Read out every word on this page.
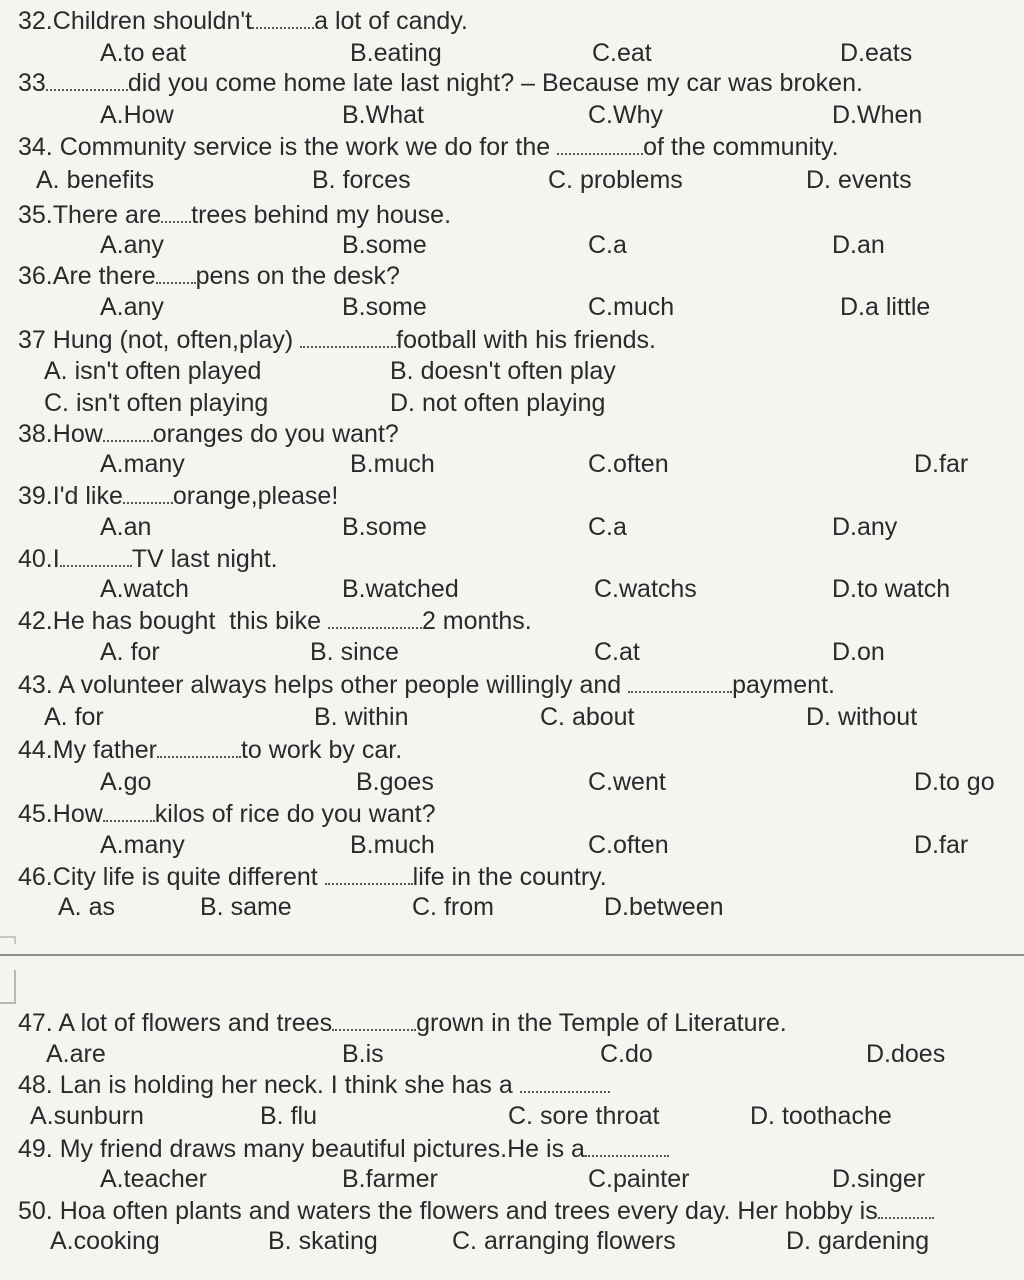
32.Children shouldn't a lot of candy.
A.to eat	B.eating	C.eat	D.eats
33	did you come home late last night? – Because my car was broken.
A.How	B.What	C.Why	D.When
34. Community service is the work we do for the	of the community.
A. benefits	B. forces	C. problems	D. events
35.There are trees behind my house.
A.any	B.some	C.a	D.an
36.Are there pens on the desk?
A.any	B.some	C.much	D.a little
37 Hung (not, often,play)	football with his friends.
A. isn't often played	B. doesn't often play
C. isn't often playing	D. not often playing
38.How oranges do you want?
A.many	B.much	C.often	D.far
39.I'd like orange,please!
A.an	B.some	C.a	D.any
40.I	TV last night.
A.watch	B.watched	C.watchs	D.to watch
42.He has bought  this bike	2 months.
A. for	B. since	C.at	D.on
43. A volunteer always helps other people willingly and	payment.
A. for	B. within	C. about	D. without
44.My father	to work by car.
A.go	B.goes	C.went	D.to go
45.How kilos of rice do you want?
A.many	B.much	C.often	D.far
46.City life is quite different	life in the country.
A. as	B. same	C. from	D.between
47. A lot of flowers and trees	grown in the Temple of Literature.
A.are	B.is	C.do	D.does
48. Lan is holding her neck. I think she has a
A.sunburn	B. flu	C. sore throat	D. toothache
49. My friend draws many beautiful pictures.He is a
A.teacher	B.farmer	C.painter	D.singer
50. Hoa often plants and waters the flowers and trees every day. Her hobby is
A.cooking	B. skating	C. arranging flowers	D. gardening
